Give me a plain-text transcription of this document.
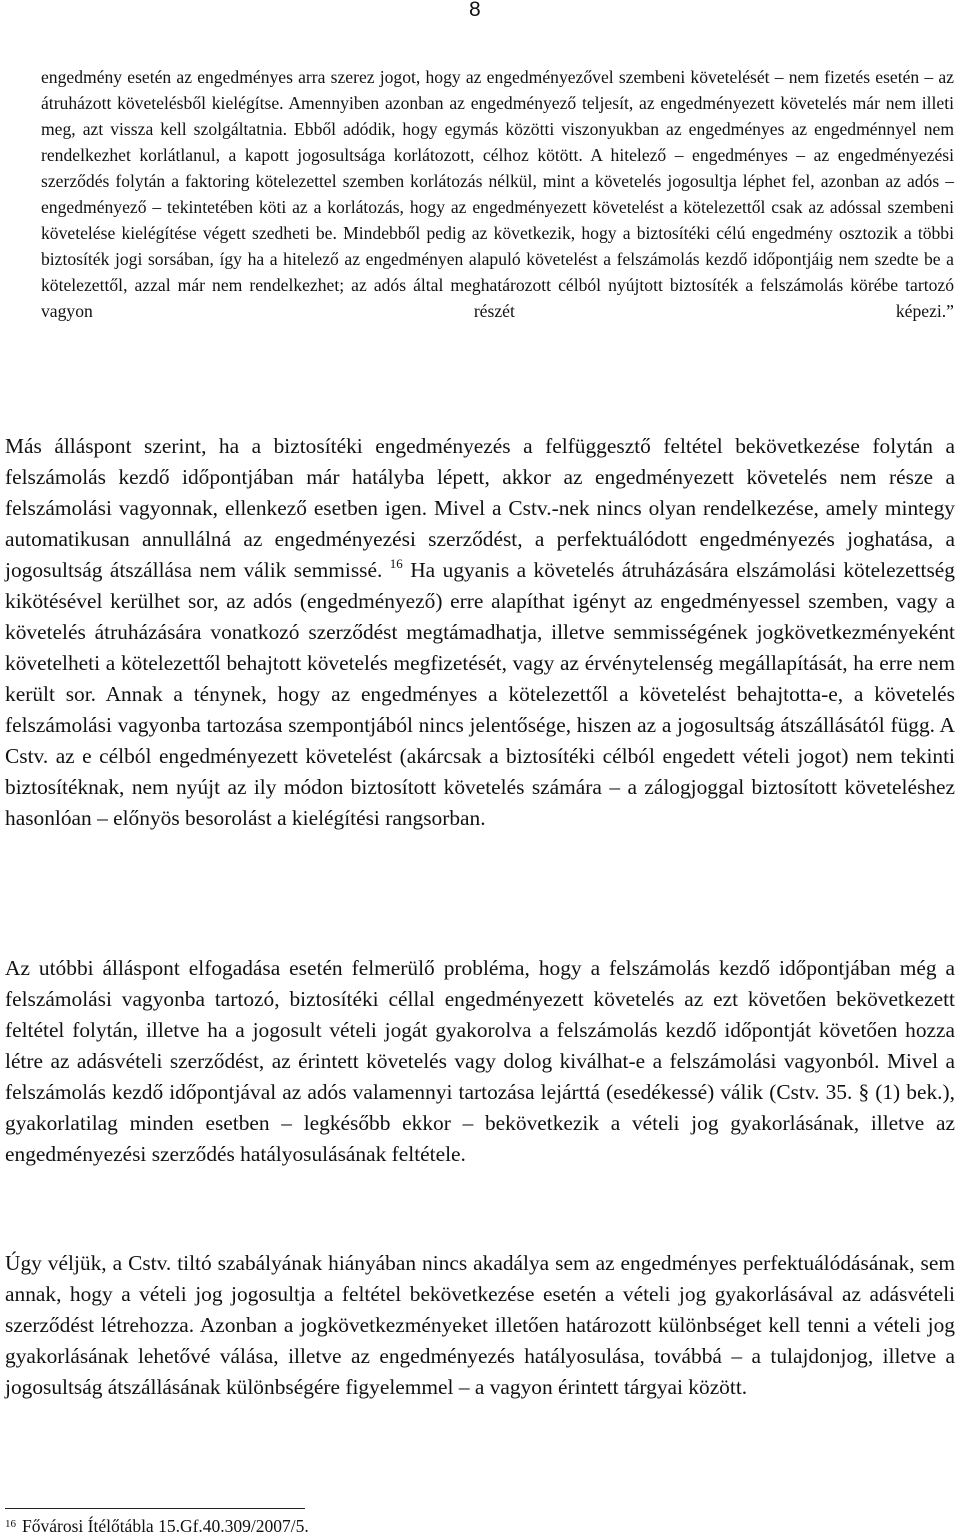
8

engedmény esetén az engedményes arra szerez jogot, hogy az engedményezővel szembeni követelését – nem fizetés esetén – az átruházott követelésből kielégítse. Amennyiben azonban az engedményező teljesít, az engedményezett követelés már nem illeti meg, azt vissza kell szolgáltatnia. Ebből adódik, hogy egymás közötti viszonyukban az engedményes az engedménnyel nem rendelkezhet korlátlanul, a kapott jogosultsága korlátozott, célhoz kötött. A hitelező – engedményes – az engedményezési szerződés folytán a faktoring kötelezettel szemben korlátozás nélkül, mint a követelés jogosultja léphet fel, azonban az adós – engedményező – tekintetében köti az a korlátozás, hogy az engedményezett követelést a kötelezettől csak az adóssal szembeni követelése kielégítése végett szedheti be. Mindebből pedig az következik, hogy a biztosítéki célú engedmény osztozik a többi biztosíték jogi sorsában, így ha a hitelező az engedményen alapuló követelést a felszámolás kezdő időpontjáig nem szedte be a kötelezettől, azzal már nem rendelkezhet; az adós által meghatározott célból nyújtott biztosíték a felszámolás körébe tartozó vagyon részét képezi.”

Más álláspont szerint, ha a biztosítéki engedményezés a felfüggesztő feltétel bekövetkezése folytán a felszámolás kezdő időpontjában már hatályba lépett, akkor az engedményezett követelés nem része a felszámolási vagyonnak, ellenkező esetben igen. Mivel a Cstv.-nek nincs olyan rendelkezése, amely mintegy automatikusan annullálná az engedményezési szerződést, a perfektuálódott engedményezés joghatása, a jogosultság átszállása nem válik semmissé. $^{16}$ Ha ugyanis a követelés átruházására elszámolási kötelezettség kikötésével kerülhet sor, az adós (engedményező) erre alapíthat igényt az engedményessel szemben, vagy a követelés átruházására vonatkozó szerződést megtámadhatja, illetve semmisségének jogkövetkezményeként követelheti a kötelezettől behajtott követelés megfizetését, vagy az érvénytelenség megállapítását, ha erre nem került sor. Annak a ténynek, hogy az engedményes a kötelezettől a követelést behajtotta-e, a követelés felszámolási vagyonba tartozása szempontjából nincs jelentősége, hiszen az a jogosultság átszállásától függ. A Cstv. az e célból engedményezett követelést (akárcsak a biztosítéki célból engedett vételi jogot) nem tekinti biztosítéknak, nem nyújt az ily módon biztosított követelés számára – a zálogjoggal biztosított követeléshez hasonlóan – előnyös besorolást a kielégítési rangsorban.

Az utóbbi álláspont elfogadása esetén felmerülő probléma, hogy a felszámolás kezdő időpontjában még a felszámolási vagyonba tartozó, biztosítéki céllal engedményezett követelés az ezt követően bekövetkezett feltétel folytán, illetve ha a jogosult vételi jogát gyakorolva a felszámolás kezdő időpontját követően hozza létre az adásvételi szerződést, az érintett követelés vagy dolog kiválhat-e a felszámolási vagyonból. Mivel a felszámolás kezdő időpontjával az adós valamennyi tartozása lejárttá (esedékessé) válik (Cstv. 35. § (1) bek.), gyakorlatilag minden esetben – legkésőbb ekkor – bekövetkezik a vételi jog gyakorlásának, illetve az engedményezési szerződés hatályosulásának feltétele.

Úgy véljük, a Cstv. tiltó szabályának hiányában nincs akadálya sem az engedményes perfektuálódásának, sem annak, hogy a vételi jog jogosultja a feltétel bekövetkezése esetén a vételi jog gyakorlásával az adásvételi szerződést létrehozza. Azonban a jogkövetkezményeket illetően határozott különbséget kell tenni a vételi jog gyakorlásának lehetővé válása, illetve az engedményezés hatályosulása, továbbá – a tulajdonjog, illetve a jogosultság átszállásának különbségére figyelemmel – a vagyon érintett tárgyai között.

$^{16}$ Fővárosi Ítélőtábla 15.Gf.40.309/2007/5.
